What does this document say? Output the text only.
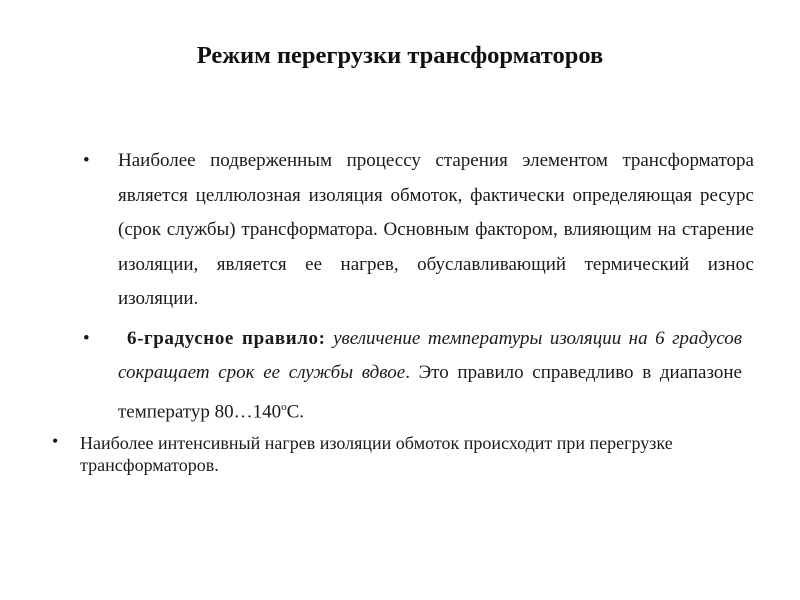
Режим перегрузки трансформаторов
• Наиболее подверженным процессу старения элементом трансформатора является целлюлозная изоляция обмоток, фактически определяющая ресурс (срок службы) трансформатора. Основным фактором, влияющим на старение изоляции, является ее нагрев, обуславливающий термический износ изоляции.
•	6-градусное правило: увеличение температуры изоляции на 6 градусов сокращает срок ее службы вдвое. Это правило справедливо в диапазоне температур $80\dots 140^оС$.
• Наиболее интенсивный нагрев изоляции обмоток происходит при перегрузке трансформаторов.
